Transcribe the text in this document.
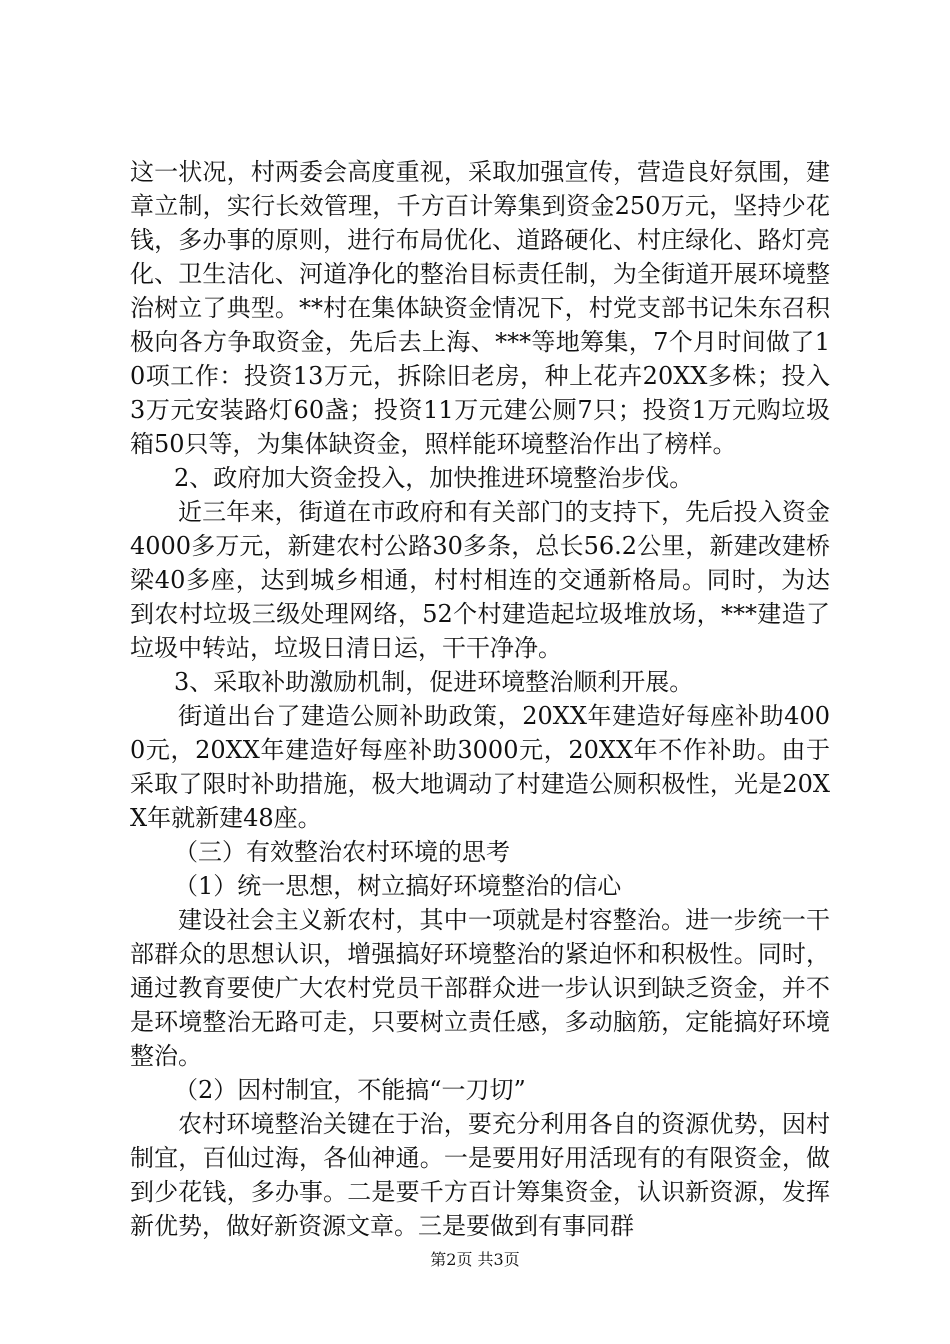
这一状况，村两委会高度重视，采取加强宣传，营造良好氛围，建章立制，实行长效管理，千方百计筹集到资金250万元，坚持少花钱，多办事的原则，进行布局优化、道路硬化、村庄绿化、路灯亮化、卫生洁化、河道净化的整治目标责任制，为全街道开展环境整治树立了典型。**村在集体缺资金情况下，村党支部书记朱东召积极向各方争取资金，先后去上海、***等地筹集，7个月时间做了10项工作：投资13万元，拆除旧老房，种上花卉20XX多株；投入3万元安装路灯60盏；投资11万元建公厕7只；投资1万元购垃圾箱50只等，为集体缺资金，照样能环境整治作出了榜样。

2、政府加大资金投入，加快推进环境整治步伐。

近三年来，街道在市政府和有关部门的支持下，先后投入资金4000多万元，新建农村公路30多条，总长56.2公里，新建改建桥梁40多座，达到城乡相通，村村相连的交通新格局。同时，为达到农村垃圾三级处理网络，52个村建造起垃圾堆放场，***建造了垃圾中转站，垃圾日清日运，干干净净。

3、采取补助激励机制，促进环境整治顺利开展。

街道出台了建造公厕补助政策，20XX年建造好每座补助4000元，20XX年建造好每座补助3000元，20XX年不作补助。由于采取了限时补助措施，极大地调动了村建造公厕积极性，光是20XX年就新建48座。

（三）有效整治农村环境的思考

（1）统一思想，树立搞好环境整治的信心

建设社会主义新农村，其中一项就是村容整治。进一步统一干部群众的思想认识，增强搞好环境整治的紧迫怀和积极性。同时，通过教育要使广大农村党员干部群众进一步认识到缺乏资金，并不是环境整治无路可走，只要树立责任感，多动脑筋，定能搞好环境整治。

（2）因村制宜，不能搞“一刀切”

农村环境整治关键在于治，要充分利用各自的资源优势，因村制宜，百仙过海，各仙神通。一是要用好用活现有的有限资金，做到少花钱，多办事。二是要千方百计筹集资金，认识新资源，发挥新优势，做好新资源文章。三是要做到有事同群

第2页 共3页
